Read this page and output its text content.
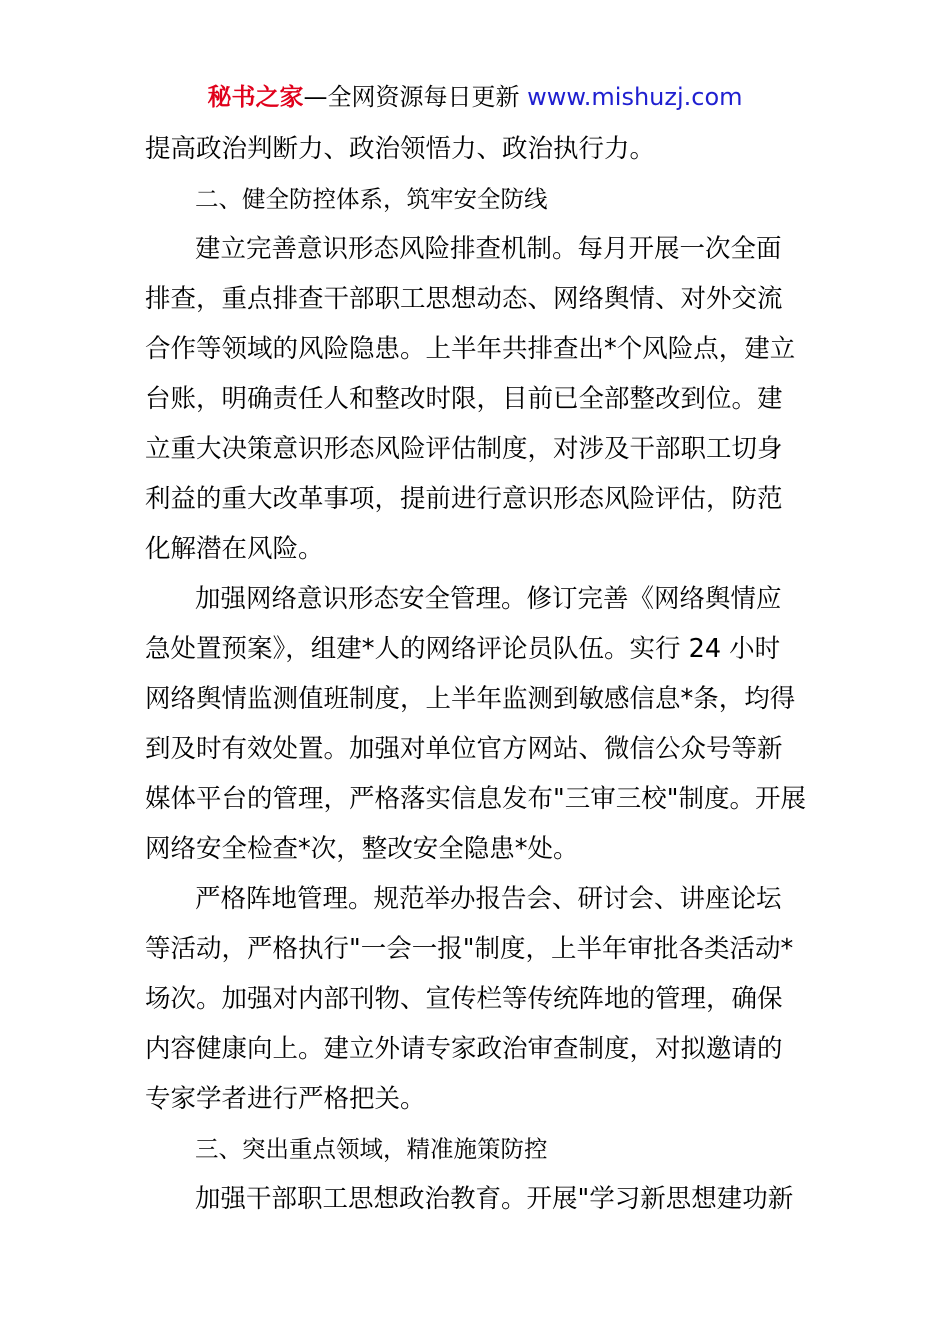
秘书之家—全网资源每日更新 www.mishuzj.com
提高政治判断力、政治领悟力、政治执行力。
二、健全防控体系，筑牢安全防线
建立完善意识形态风险排查机制。每月开展一次全面
排查，重点排查干部职工思想动态、网络舆情、对外交流
合作等领域的风险隐患。上半年共排查出*个风险点，建立
台账，明确责任人和整改时限，目前已全部整改到位。建
立重大决策意识形态风险评估制度，对涉及干部职工切身
利益的重大改革事项，提前进行意识形态风险评估，防范
化解潜在风险。
加强网络意识形态安全管理。修订完善《网络舆情应
急处置预案》，组建*人的网络评论员队伍。实行 24 小时
网络舆情监测值班制度，上半年监测到敏感信息*条，均得
到及时有效处置。加强对单位官方网站、微信公众号等新
媒体平台的管理，严格落实信息发布"三审三校"制度。开展
网络安全检查*次，整改安全隐患*处。
严格阵地管理。规范举办报告会、研讨会、讲座论坛
等活动，严格执行"一会一报"制度，上半年审批各类活动*
场次。加强对内部刊物、宣传栏等传统阵地的管理，确保
内容健康向上。建立外请专家政治审查制度，对拟邀请的
专家学者进行严格把关。
三、突出重点领域，精准施策防控
加强干部职工思想政治教育。开展"学习新思想建功新
